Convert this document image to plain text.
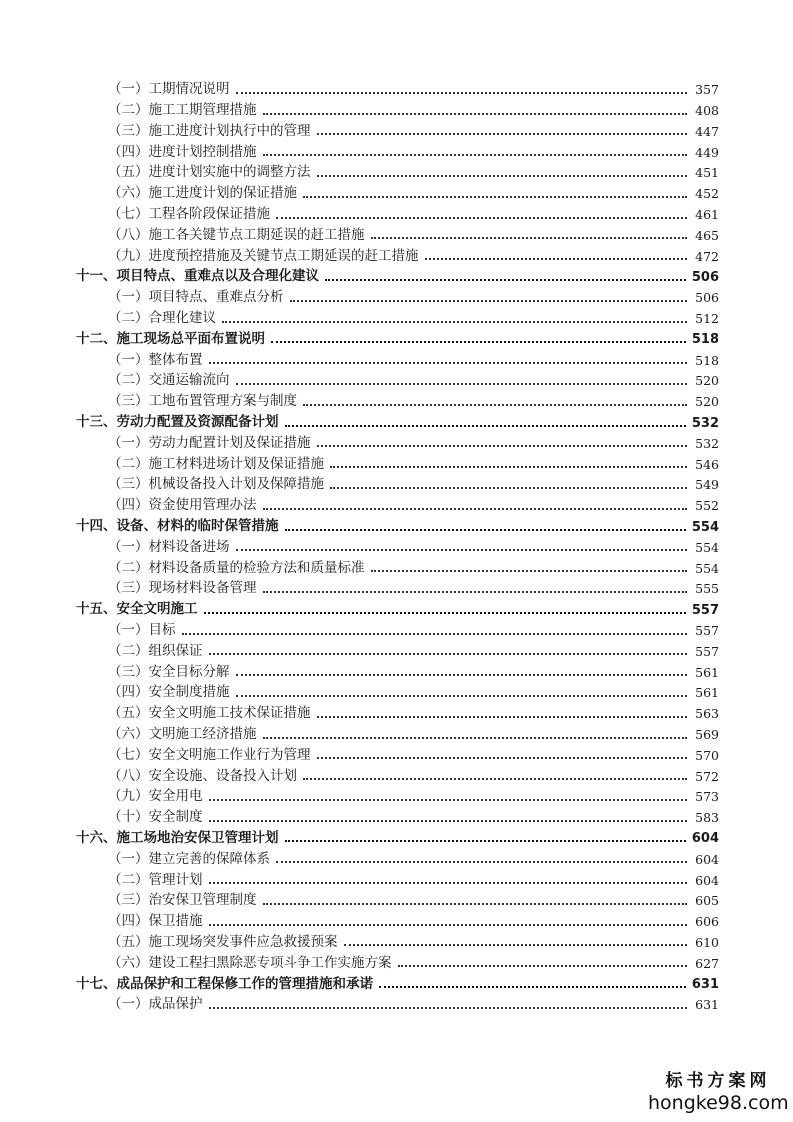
（一）工期情况说明	357
（二）施工工期管理措施	408
（三）施工进度计划执行中的管理	447
（四）进度计划控制措施	449
（五）进度计划实施中的调整方法	451
（六）施工进度计划的保证措施	452
（七）工程各阶段保证措施	461
（八）施工各关键节点工期延误的赶工措施	465
（九）进度预控措施及关键节点工期延误的赶工措施	472
十一、项目特点、重难点以及合理化建议	506
（一）项目特点、重难点分析	506
（二）合理化建议	512
十二、施工现场总平面布置说明	518
（一）整体布置	518
（二）交通运输流向	520
（三）工地布置管理方案与制度	520
十三、劳动力配置及资源配备计划	532
（一）劳动力配置计划及保证措施	532
（二）施工材料进场计划及保证措施	546
（三）机械设备投入计划及保障措施	549
（四）资金使用管理办法	552
十四、设备、材料的临时保管措施	554
（一）材料设备进场	554
（二）材料设备质量的检验方法和质量标准	554
（三）现场材料设备管理	555
十五、安全文明施工	557
（一）目标	557
（二）组织保证	557
（三）安全目标分解	561
（四）安全制度措施	561
（五）安全文明施工技术保证措施	563
（六）文明施工经济措施	569
（七）安全文明施工作业行为管理	570
（八）安全设施、设备投入计划	572
（九）安全用电	573
（十）安全制度	583
十六、施工场地治安保卫管理计划	604
（一）建立完善的保障体系	604
（二）管理计划	604
（三）治安保卫管理制度	605
（四）保卫措施	606
（五）施工现场突发事件应急救援预案	610
（六）建设工程扫黑除恶专项斗争工作实施方案	627
十七、成品保护和工程保修工作的管理措施和承诺	631
（一）成品保护	631
标书方案网
hongke98.com
